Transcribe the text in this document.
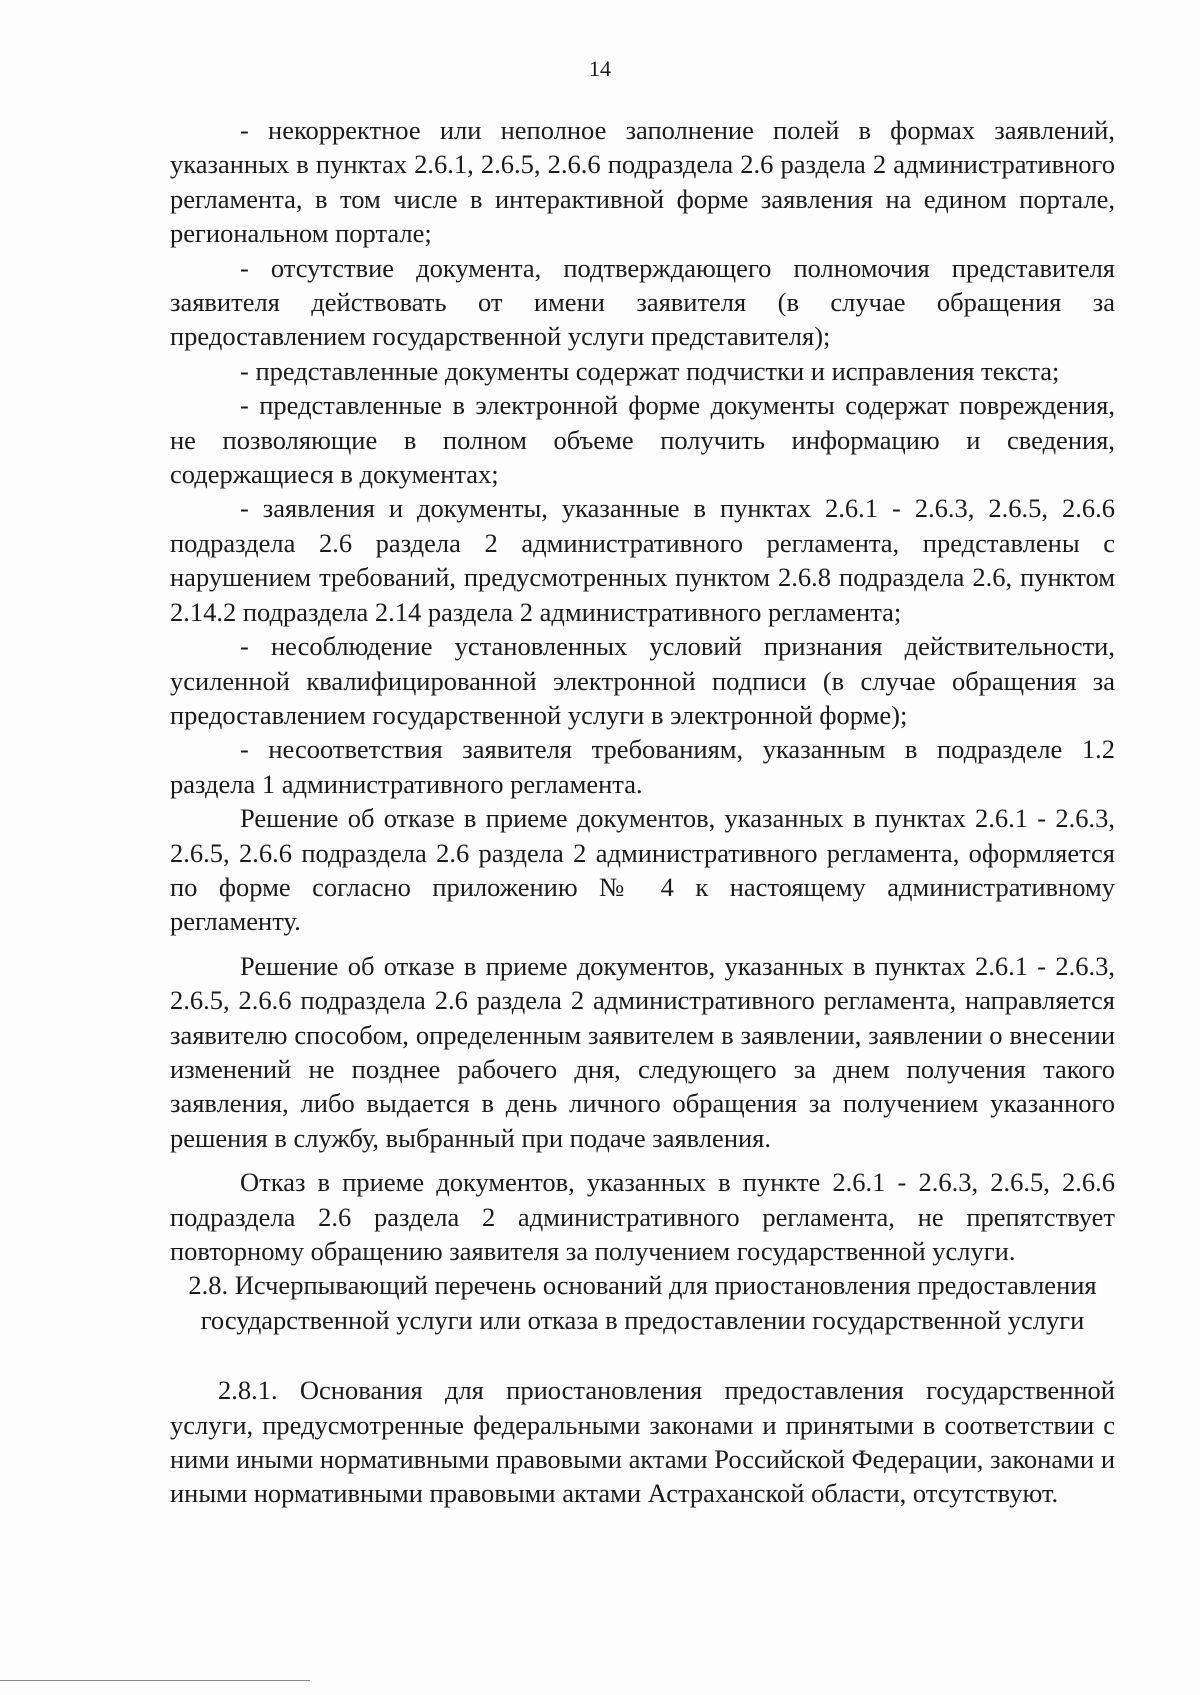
14

- некорректное или неполное заполнение полей в формах заявлений, указанных в пунктах 2.6.1, 2.6.5, 2.6.6 подраздела 2.6 раздела 2 административного регламента, в том числе в интерактивной форме заявления на едином портале, региональном портале;

- отсутствие документа, подтверждающего полномочия представителя заявителя действовать от имени заявителя (в случае обращения за предоставлением государственной услуги представителя);

- представленные документы содержат подчистки и исправления текста;

- представленные в электронной форме документы содержат повреждения, не позволяющие в полном объеме получить информацию и сведения, содержащиеся в документах;

- заявления и документы, указанные в пунктах 2.6.1 - 2.6.3, 2.6.5, 2.6.6 подраздела 2.6 раздела 2 административного регламента, представлены с нарушением требований, предусмотренных пунктом 2.6.8 подраздела 2.6, пунктом 2.14.2 подраздела 2.14 раздела 2 административного регламента;

- несоблюдение установленных условий признания действительности, усиленной квалифицированной электронной подписи (в случае обращения за предоставлением государственной услуги в электронной форме);

- несоответствия заявителя требованиям, указанным в подразделе 1.2 раздела 1 административного регламента.

Решение об отказе в приеме документов, указанных в пунктах 2.6.1 - 2.6.3, 2.6.5, 2.6.6 подраздела 2.6 раздела 2 административного регламента, оформляется по форме согласно приложению № 4 к настоящему административному регламенту.

Решение об отказе в приеме документов, указанных в пунктах 2.6.1 - 2.6.3, 2.6.5, 2.6.6 подраздела 2.6 раздела 2 административного регламента, направляется заявителю способом, определенным заявителем в заявлении, заявлении о внесении изменений не позднее рабочего дня, следующего за днем получения такого заявления, либо выдается в день личного обращения за получением указанного решения в службу, выбранный при подаче заявления.

Отказ в приеме документов, указанных в пункте 2.6.1 - 2.6.3, 2.6.5, 2.6.6 подраздела 2.6 раздела 2 административного регламента, не препятствует повторному обращению заявителя за получением государственной услуги.

2.8. Исчерпывающий перечень оснований для приостановления предоставления государственной услуги или отказа в предоставлении государственной услуги

2.8.1. Основания для приостановления предоставления государственной услуги, предусмотренные федеральными законами и принятыми в соответствии с ними иными нормативными правовыми актами Российской Федерации, законами и иными нормативными правовыми актами Астраханской области, отсутствуют.
